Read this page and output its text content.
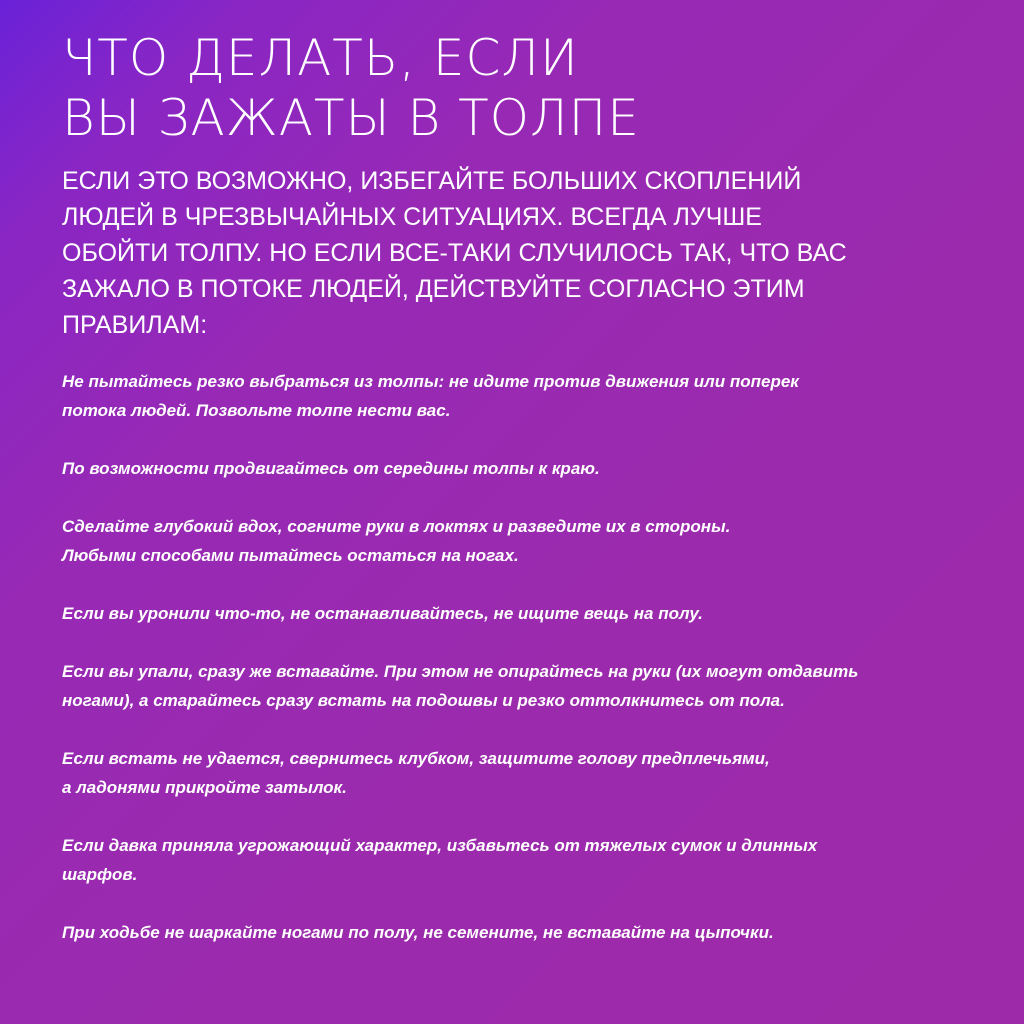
ЧТО ДЕЛАТЬ, ЕСЛИ
ВЫ ЗАЖАТЫ В ТОЛПЕ

ЕСЛИ ЭТО ВОЗМОЖНО, ИЗБЕГАЙТЕ БОЛЬШИХ СКОПЛЕНИЙ
ЛЮДЕЙ В ЧРЕЗВЫЧАЙНЫХ СИТУАЦИЯХ. ВСЕГДА ЛУЧШЕ
ОБОЙТИ ТОЛПУ. НО ЕСЛИ ВСЕ-ТАКИ СЛУЧИЛОСЬ ТАК, ЧТО ВАС
ЗАЖАЛО В ПОТОКЕ ЛЮДЕЙ, ДЕЙСТВУЙТЕ СОГЛАСНО ЭТИМ
ПРАВИЛАМ:

Не пытайтесь резко выбраться из толпы: не идите против движения или поперек
потока людей. Позвольте толпе нести вас.
По возможности продвигайтесь от середины толпы к краю.
Сделайте глубокий вдох, согните руки в локтях и разведите их в стороны.
Любыми способами пытайтесь остаться на ногах.
Если вы уронили что-то, не останавливайтесь, не ищите вещь на полу.
Если вы упали, сразу же вставайте. При этом не опирайтесь на руки (их могут отдавить
ногами), а старайтесь сразу встать на подошвы и резко оттолкнитесь от пола.
Если встать не удается, свернитесь клубком, защитите голову предплечьями,
а ладонями прикройте затылок.
Если давка приняла угрожающий характер, избавьтесь от тяжелых сумок и длинных
шарфов.
При ходьбе не шаркайте ногами по полу, не семените, не вставайте на цыпочки.
